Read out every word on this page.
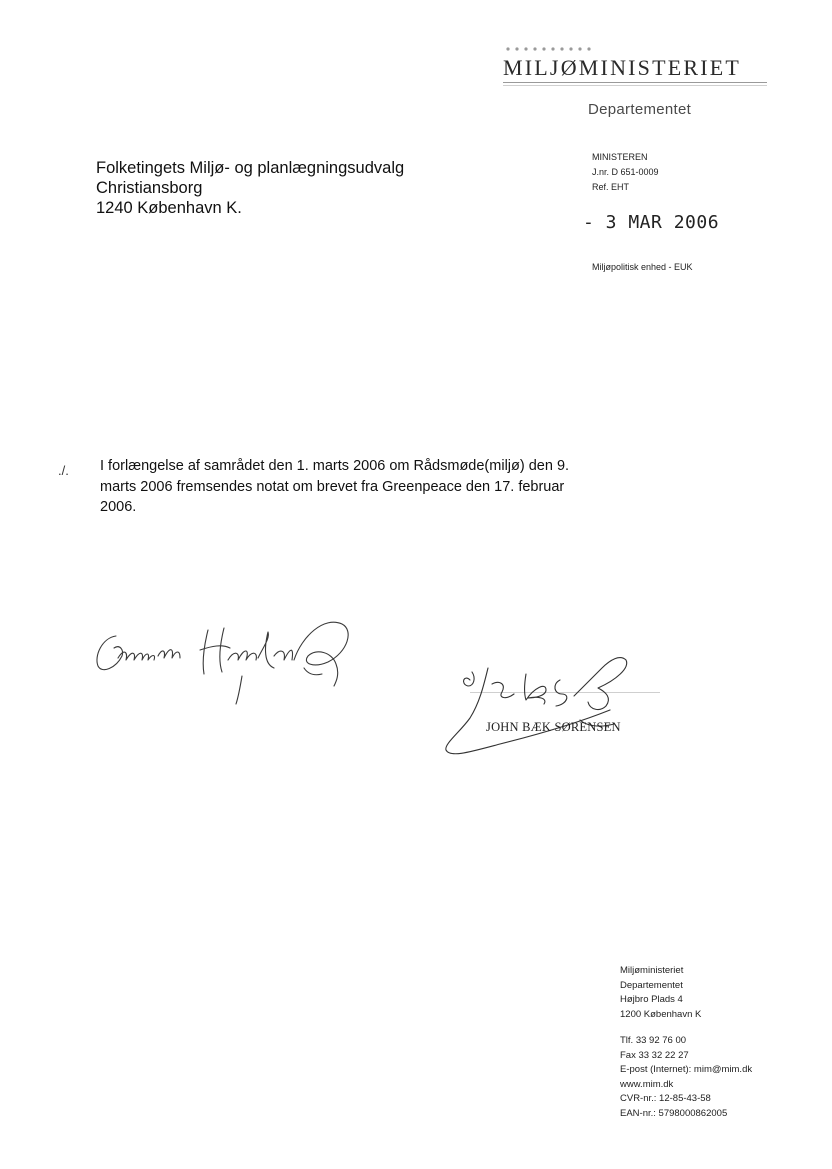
MILJØMINISTERIET
Departementet
Folketingets Miljø- og planlægningsudvalg
Christiansborg
1240 København K.
MINISTEREN
J.nr. D 651-0009
Ref. EHT
- 3 MAR 2006
Miljøpolitisk enhed - EUK
./. I forlængelse af samrådet den 1. marts 2006 om Rådsmøde(miljø) den 9. marts 2006 fremsendes notat om brevet fra Greenpeace den 17. februar 2006.
JOHN BÆK SØRENSEN
Miljøministeriet
Departementet
Højbro Plads 4
1200 København K
Tlf. 33 92 76 00
Fax 33 32 22 27
E-post (Internet): mim@mim.dk
www.mim.dk
CVR-nr.: 12-85-43-58
EAN-nr.: 5798000862005
